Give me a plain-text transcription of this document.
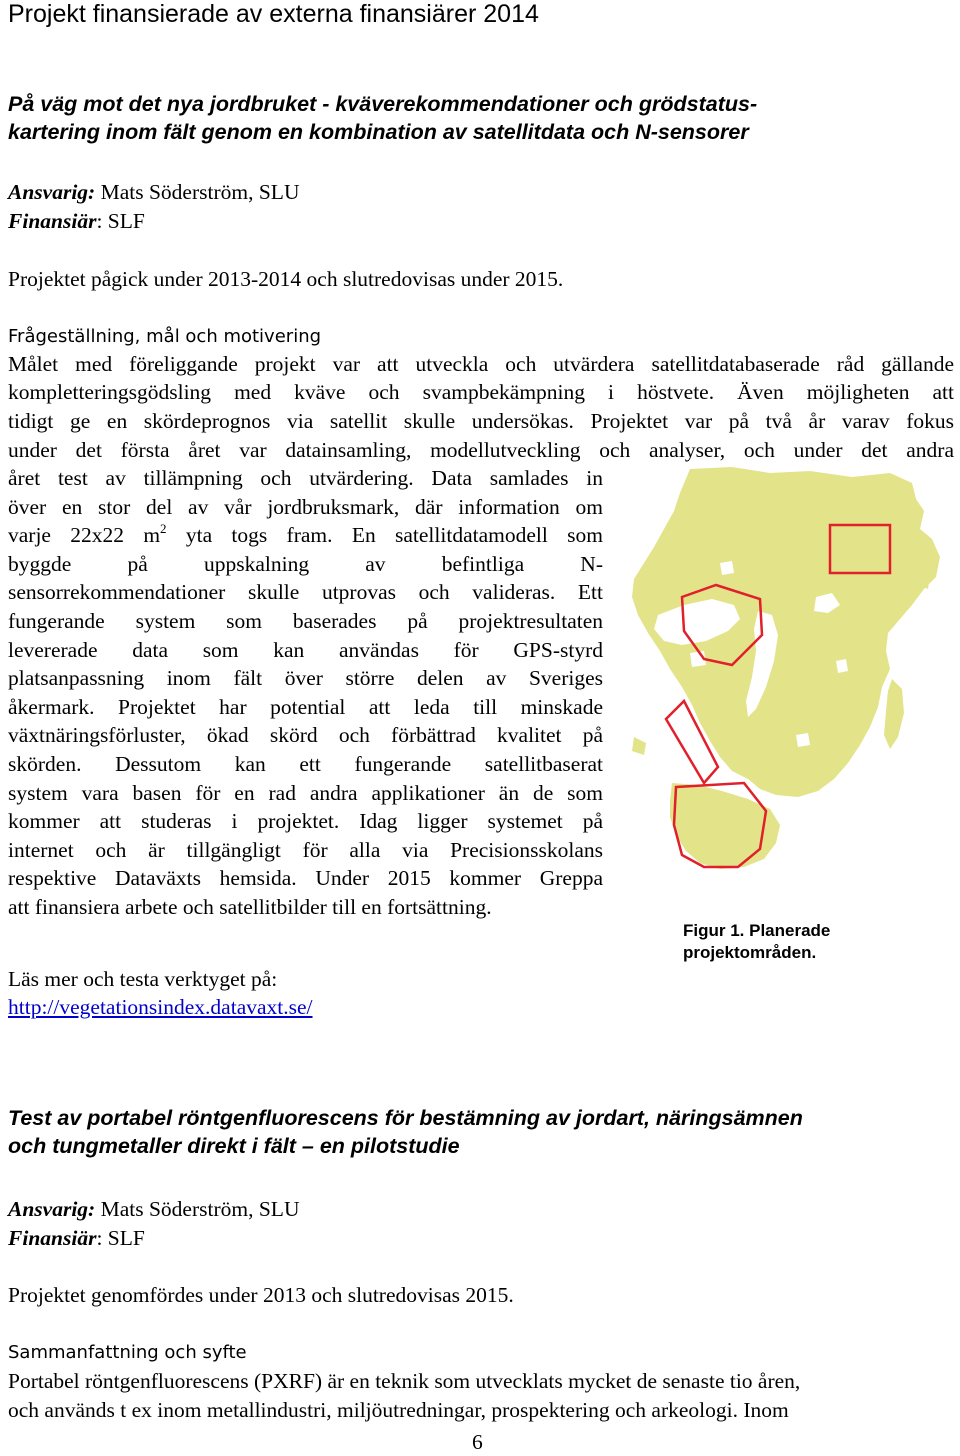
Projekt finansierade av externa finansiärer 2014
På väg mot det nya jordbruket - kväverekommendationer och grödstatus-
kartering inom fält genom en kombination av satellitdata och N-sensorer
Ansvarig: Mats Söderström, SLU
Finansiär: SLF
Projektet pågick under 2013-2014 och slutredovisas under 2015.
Frågeställning, mål och motivering
Målet med föreliggande projekt var att utveckla och utvärdera satellitdatabaserade råd gällande
kompletteringsgödsling med kväve och svampbekämpning i höstvete. Även möjligheten att
tidigt ge en skördeprognos via satellit skulle undersökas. Projektet var på två år varav fokus
under det första året var datainsamling, modellutveckling och analyser, och under det andra
året test av tillämpning och utvärdering. Data samlades in
över en stor del av vår jordbruksmark, där information om
varje 22x22 $m^2$ yta togs fram. En satellitdatamodell som
byggde på uppskalning av befintliga N-
sensorrekommendationer skulle utprovas och valideras. Ett
fungerande system som baserades på projektresultaten
levererade data som kan användas för GPS-styrd
platsanpassning inom fält över större delen av Sveriges
åkermark. Projektet har potential att leda till minskade
växtnäringsförluster, ökad skörd och förbättrad kvalitet på
skörden. Dessutom kan ett fungerande satellitbaserat
system vara basen för en rad andra applikationer än de som
kommer att studeras i projektet. Idag ligger systemet på
internet och är tillgängligt för alla via Precisionsskolans
respektive Dataväxts hemsida. Under 2015 kommer Greppa
att finansiera arbete och satellitbilder till en fortsättning.
Läs mer och testa verktyget på:
http://vegetationsindex.datavaxt.se/
Figur 1. Planerade
projektområden.
Test av portabel röntgenfluorescens för bestämning av jordart, näringsämnen
och tungmetaller direkt i fält – en pilotstudie
Ansvarig: Mats Söderström, SLU
Finansiär: SLF
Projektet genomfördes under 2013 och slutredovisas 2015.
Sammanfattning och syfte
Portabel röntgenfluorescens (PXRF) är en teknik som utvecklats mycket de senaste tio åren,
och används t ex inom metallindustri, miljöutredningar, prospektering och arkeologi. Inom
6
